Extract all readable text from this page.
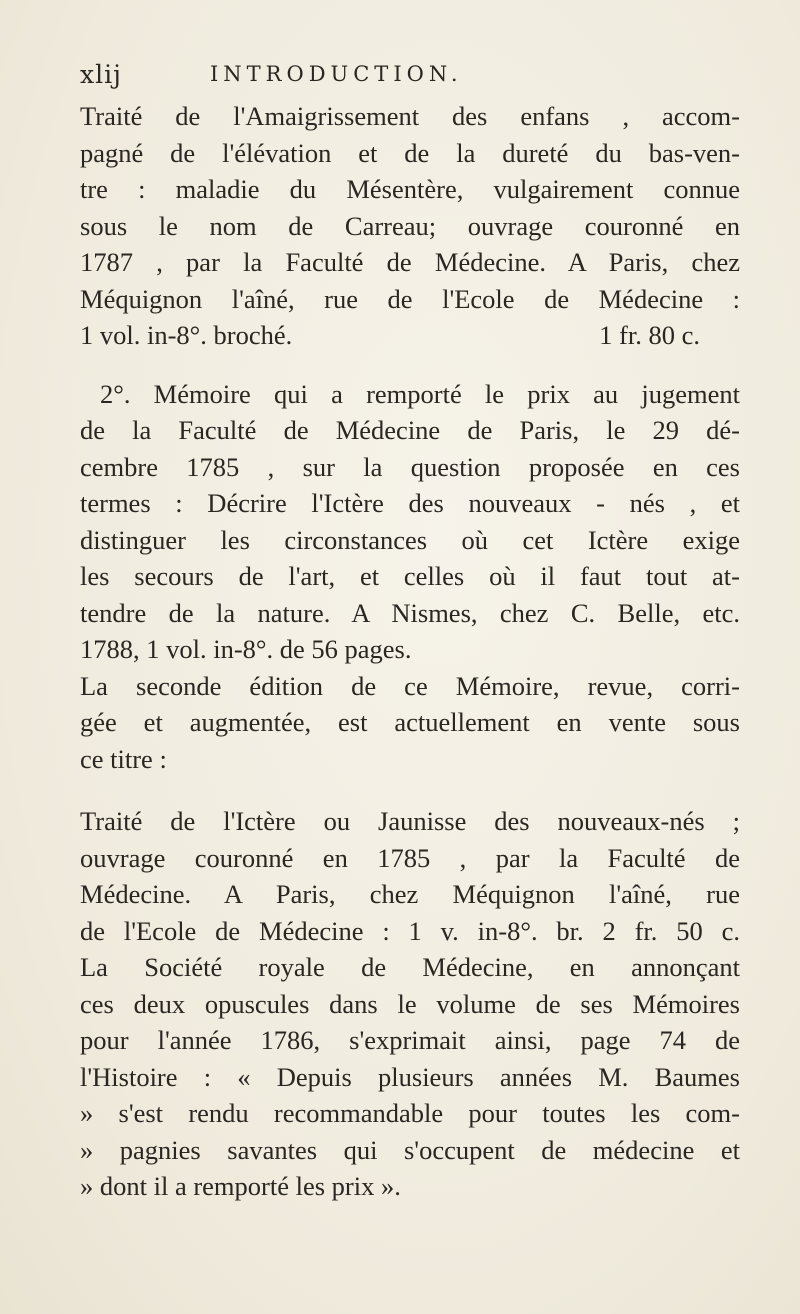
xlij	INTRODUCTION.
Traité de l'Amaigrissement des enfans , accom-
pagné de l'élévation et de la dureté du bas-ven-
tre : maladie du Mésentère, vulgairement connue
sous le nom de Carreau; ouvrage couronné en
1787 , par la Faculté de Médecine. A Paris, chez
Méquignon l'aîné, rue de l'Ecole de Médecine :
1 vol. in-8°. broché.	1 fr. 80 c.
2°. Mémoire qui a remporté le prix au jugement
de la Faculté de Médecine de Paris, le 29 dé-
cembre 1785 , sur la question proposée en ces
termes : Décrire l'Ictère des nouveaux - nés , et
distinguer les circonstances où cet Ictère exige
les secours de l'art, et celles où il faut tout at-
tendre de la nature. A Nismes, chez C. Belle, etc.
1788, 1 vol. in-8°. de 56 pages.
La seconde édition de ce Mémoire, revue, corri-
gée et augmentée, est actuellement en vente sous
ce titre :
Traité de l'Ictère ou Jaunisse des nouveaux-nés ;
ouvrage couronné en 1785 , par la Faculté de
Médecine. A Paris, chez Méquignon l'aîné, rue
de l'Ecole de Médecine : 1 v. in-8°. br. 2 fr. 50 c.
La Société royale de Médecine, en annonçant
ces deux opuscules dans le volume de ses Mémoires
pour l'année 1786, s'exprimait ainsi, page 74 de
l'Histoire : « Depuis plusieurs années M. Baumes
» s'est rendu recommandable pour toutes les com-
» pagnies savantes qui s'occupent de médecine et
» dont il a remporté les prix ».
